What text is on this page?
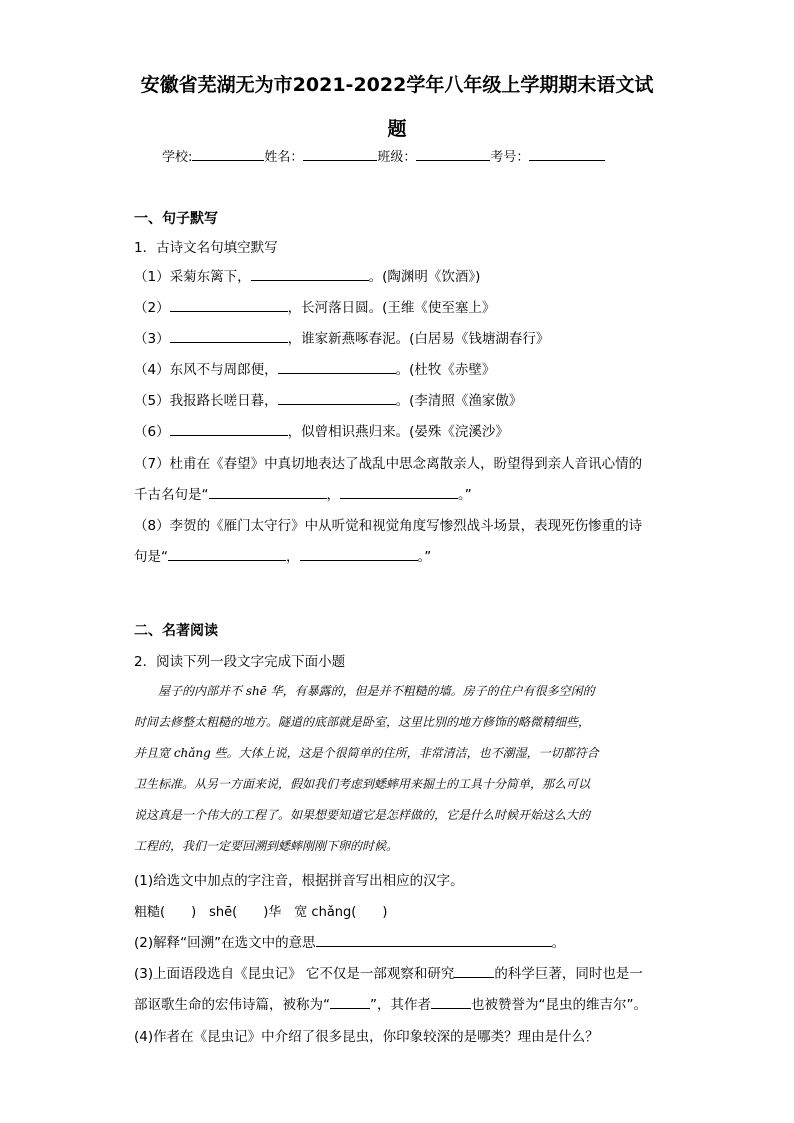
安徽省芜湖无为市2021-2022学年八年级上学期期末语文试
题
学校:	姓名：	班级：	考号：
一、句子默写
1．古诗文名句填空默写
（1）采菊东篱下，	。(陶渊明《饮酒》)
（2）	，长河落日圆。(王维《使至塞上》
（3）	，谁家新燕啄春泥。(白居易《钱塘湖春行》
（4）东风不与周郎便，	。(杜牧《赤壁》
（5）我报路长嗟日暮，	。(李清照《渔家傲》
（6）	，似曾相识燕归来。(晏殊《浣溪沙》
（7）杜甫在《春望》中真切地表达了战乱中思念离散亲人，盼望得到亲人音讯心情的
千古名句是“	，	。”
（8）李贺的《雁门太守行》中从听觉和视觉角度写惨烈战斗场景，表现死伤惨重的诗
句是“	，	。”
二、名著阅读
2．阅读下列一段文字完成下面小题
屋子的内部并不 shē 华，有暴露的，但是并不粗糙的墙。房子的住户有很多空闲的
时间去修整太粗糙的地方。隧道的底部就是卧室，这里比别的地方修饰的略微精细些，
并且宽 chǎng 些。大体上说，这是个很简单的住所，非常清洁，也不潮湿，一切都符合
卫生标准。从另一方面来说，假如我们考虑到蟋蟀用来掘土的工具十分简单，那么可以
说这真是一个伟大的工程了。如果想要知道它是怎样做的，它是什么时候开始这么大的
工程的，我们一定要回溯到蟋蟀刚刚下卵的时候。
(1)给选文中加点的字注音，根据拼音写出相应的汉字。
粗糙(　　)　shē(　　)华　宽 chǎng(　　)
(2)解释“回溯”在选文中的意思	。
(3)上面语段选自《昆虫记》 它不仅是一部观察和研究	的科学巨著，同时也是一
部讴歌生命的宏伟诗篇，被称为“	”，其作者	也被赞誉为“昆虫的维吉尔”。
(4)作者在《昆虫记》中介绍了很多昆虫，你印象较深的是哪类？理由是什么？
